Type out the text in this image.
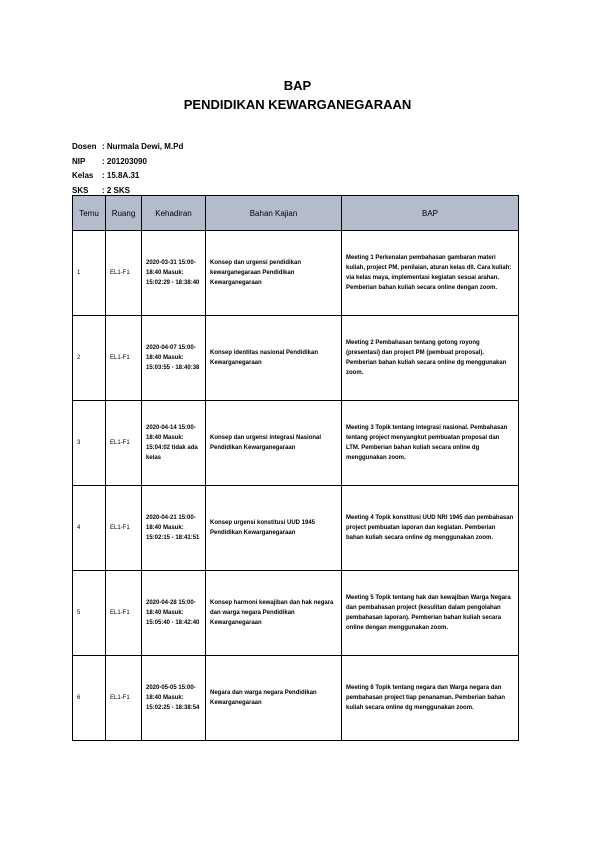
BAP
PENDIDIKAN KEWARGANEGARAAN
Dosen : Nurmala Dewi, M.Pd
NIP	: 201203090
Kelas	: 15.8A.31
SKS	: 2 SKS
Temu	Ruang	Kehadiran	Bahan Kajian	BAP
1	EL1-F1	2020-03-31 15:00-18:40 Masuk: 15:02:29 - 18:38:40	Konsep dan urgensi pendidikan kewarganegaraan Pendidikan Kewarganegaraan	Meeting 1 Perkenalan pembahasan gambaran materi kuliah, project PM, penilaian, aturan kelas dll. Cara kuliah: via kelas maya, implementasi kegiatan sesuai arahan. Pemberian bahan kuliah secara online dengan zoom.
2	EL1-F1	2020-04-07 15:00-18:40 Masuk: 15:03:55 - 18:40:38	Konsep identitas nasional Pendidikan Kewarganegaraan	Meeting 2 Pembahasan tentang gotong royong (presentasi) dan project PM (pembuat proposal). Pemberian bahan kuliah secara online dg menggunakan zoom.
3	EL1-F1	2020-04-14 15:00-18:40 Masuk: 15:04:02 tidak ada kelas	Konsep dan urgensi integrasi Nasional Pendidikan Kewarganegaraan	Meeting 3 Topik tentang integrasi nasional. Pembahasan tentang project menyangkut pembuatan proposal dan LTM. Pemberian bahan kuliah secara online dg menggunakan zoom.
4	EL1-F1	2020-04-21 15:00-18:40 Masuk: 15:02:15 - 18:41:51	Konsep urgensi konstitusi UUD 1945 Pendidikan Kewarganegaraan	Meeting 4 Topik konstitusi UUD NRI 1945 dan pembahasan project pembuatan laporan dan kegiatan. Pemberian bahan kuliah secara online dg menggunakan zoom.
5	EL1-F1	2020-04-28 15:00-18:40 Masuk: 15:05:40 - 18:42:40	Konsep harmoni kewajiban dan hak negara dan warga negara Pendidikan Kewarganegaraan	Meeting 5 Topik tentang hak dan kewajiban Warga Negara dan pembahasan project (kesulitan dalam pengolahan pembahasan laporan). Pemberian bahan kuliah secara online dengan menggunakan zoom.
6	EL1-F1	2020-05-05 15:00-18:40 Masuk: 15:02:25 - 18:38:54	Negara dan warga negara Pendidikan Kewarganegaraan	Meeting 6 Topik tentang negara dan Warga negara dan pembahasan project tiap penanaman. Pemberian bahan kuliah secara online dg menggunakan zoom.
